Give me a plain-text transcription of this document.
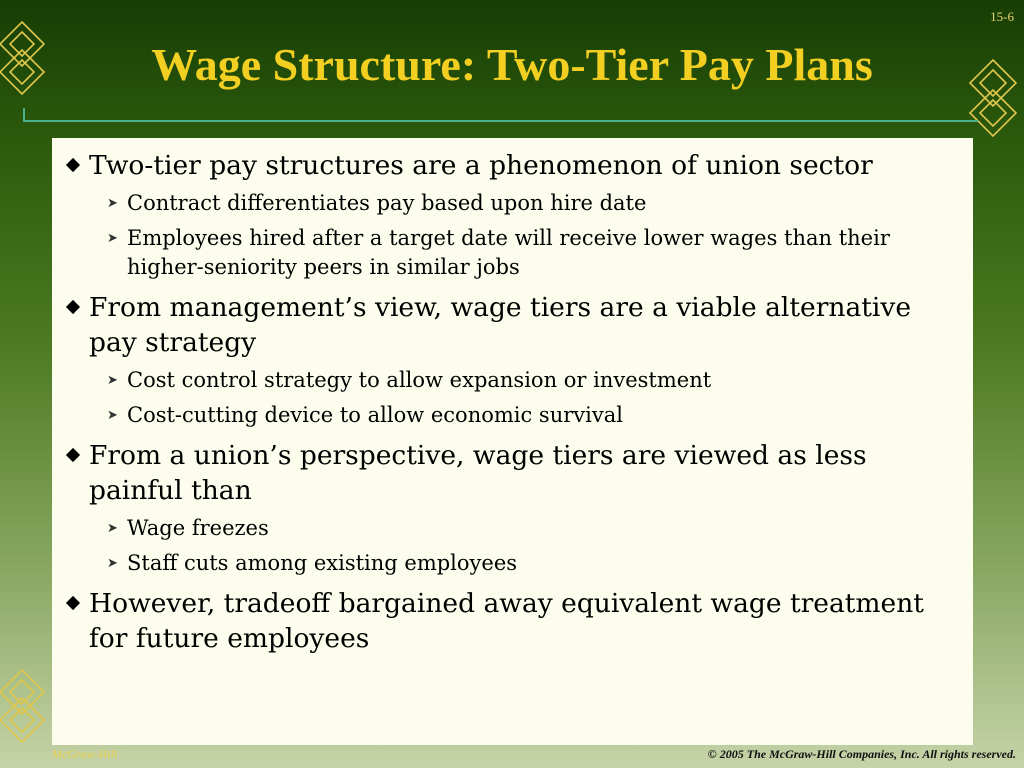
15-6
Wage Structure: Two-Tier Pay Plans
Two-tier pay structures are a phenomenon of union sector
➤ Contract differentiates pay based upon hire date
➤ Employees hired after a target date will receive lower wages than their higher-seniority peers in similar jobs
From management’s view, wage tiers are a viable alternative pay strategy
➤ Cost control strategy to allow expansion or investment
➤ Cost-cutting device to allow economic survival
From a union’s perspective, wage tiers are viewed as less painful than
➤ Wage freezes
➤ Staff cuts among existing employees
However, tradeoff bargained away equivalent wage treatment for future employees
McGraw-Hill	© 2005 The McGraw-Hill Companies, Inc. All rights reserved.
